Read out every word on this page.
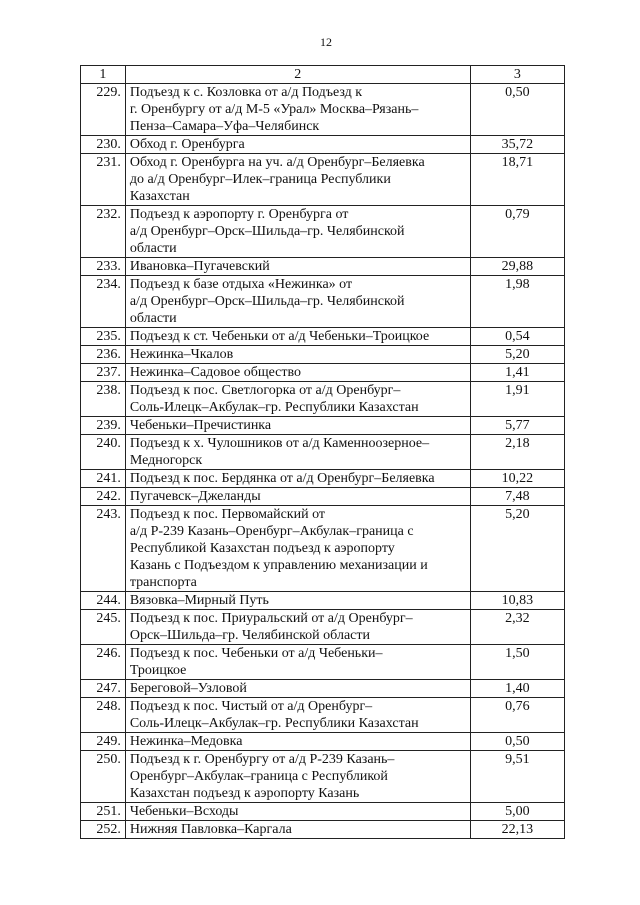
12
1	2	3
229.	Подъезд к с. Козловка от а/д Подъезд к
г. Оренбургу от а/д М-5 «Урал» Москва–Рязань–
Пенза–Самара–Уфа–Челябинск	0,50
230.	Обход г. Оренбурга	35,72
231.	Обход г. Оренбурга на уч. а/д Оренбург–Беляевка
до а/д Оренбург–Илек–граница Республики
Казахстан	18,71
232.	Подъезд к аэропорту г. Оренбурга от
а/д Оренбург–Орск–Шильда–гр. Челябинской
области	0,79
233.	Ивановка–Пугачевский	29,88
234.	Подъезд к базе отдыха «Нежинка» от
а/д Оренбург–Орск–Шильда–гр. Челябинской
области	1,98
235.	Подъезд к ст. Чебеньки от а/д Чебеньки–Троицкое	0,54
236.	Нежинка–Чкалов	5,20
237.	Нежинка–Садовое общество	1,41
238.	Подъезд к пос. Светлогорка от а/д Оренбург–
Соль-Илецк–Акбулак–гр. Республики Казахстан	1,91
239.	Чебеньки–Пречистинка	5,77
240.	Подъезд к х. Чулошников от а/д Каменноозерное–
Медногорск	2,18
241.	Подъезд к пос. Бердянка от а/д Оренбург–Беляевка	10,22
242.	Пугачевск–Джеланды	7,48
243.	Подъезд к пос. Первомайский от
а/д Р-239 Казань–Оренбург–Акбулак–граница с
Республикой Казахстан подъезд к аэропорту
Казань с Подъездом к управлению механизации и
транспорта	5,20
244.	Вязовка–Мирный Путь	10,83
245.	Подъезд к пос. Приуральский от а/д Оренбург–
Орск–Шильда–гр. Челябинской области	2,32
246.	Подъезд к пос. Чебеньки от а/д Чебеньки–
Троицкое	1,50
247.	Береговой–Узловой	1,40
248.	Подъезд к пос. Чистый от а/д Оренбург–
Соль-Илецк–Акбулак–гр. Республики Казахстан	0,76
249.	Нежинка–Медовка	0,50
250.	Подъезд к г. Оренбургу от а/д Р-239 Казань–
Оренбург–Акбулак–граница с Республикой
Казахстан подъезд к аэропорту Казань	9,51
251.	Чебеньки–Всходы	5,00
252.	Нижняя Павловка–Каргала	22,13
